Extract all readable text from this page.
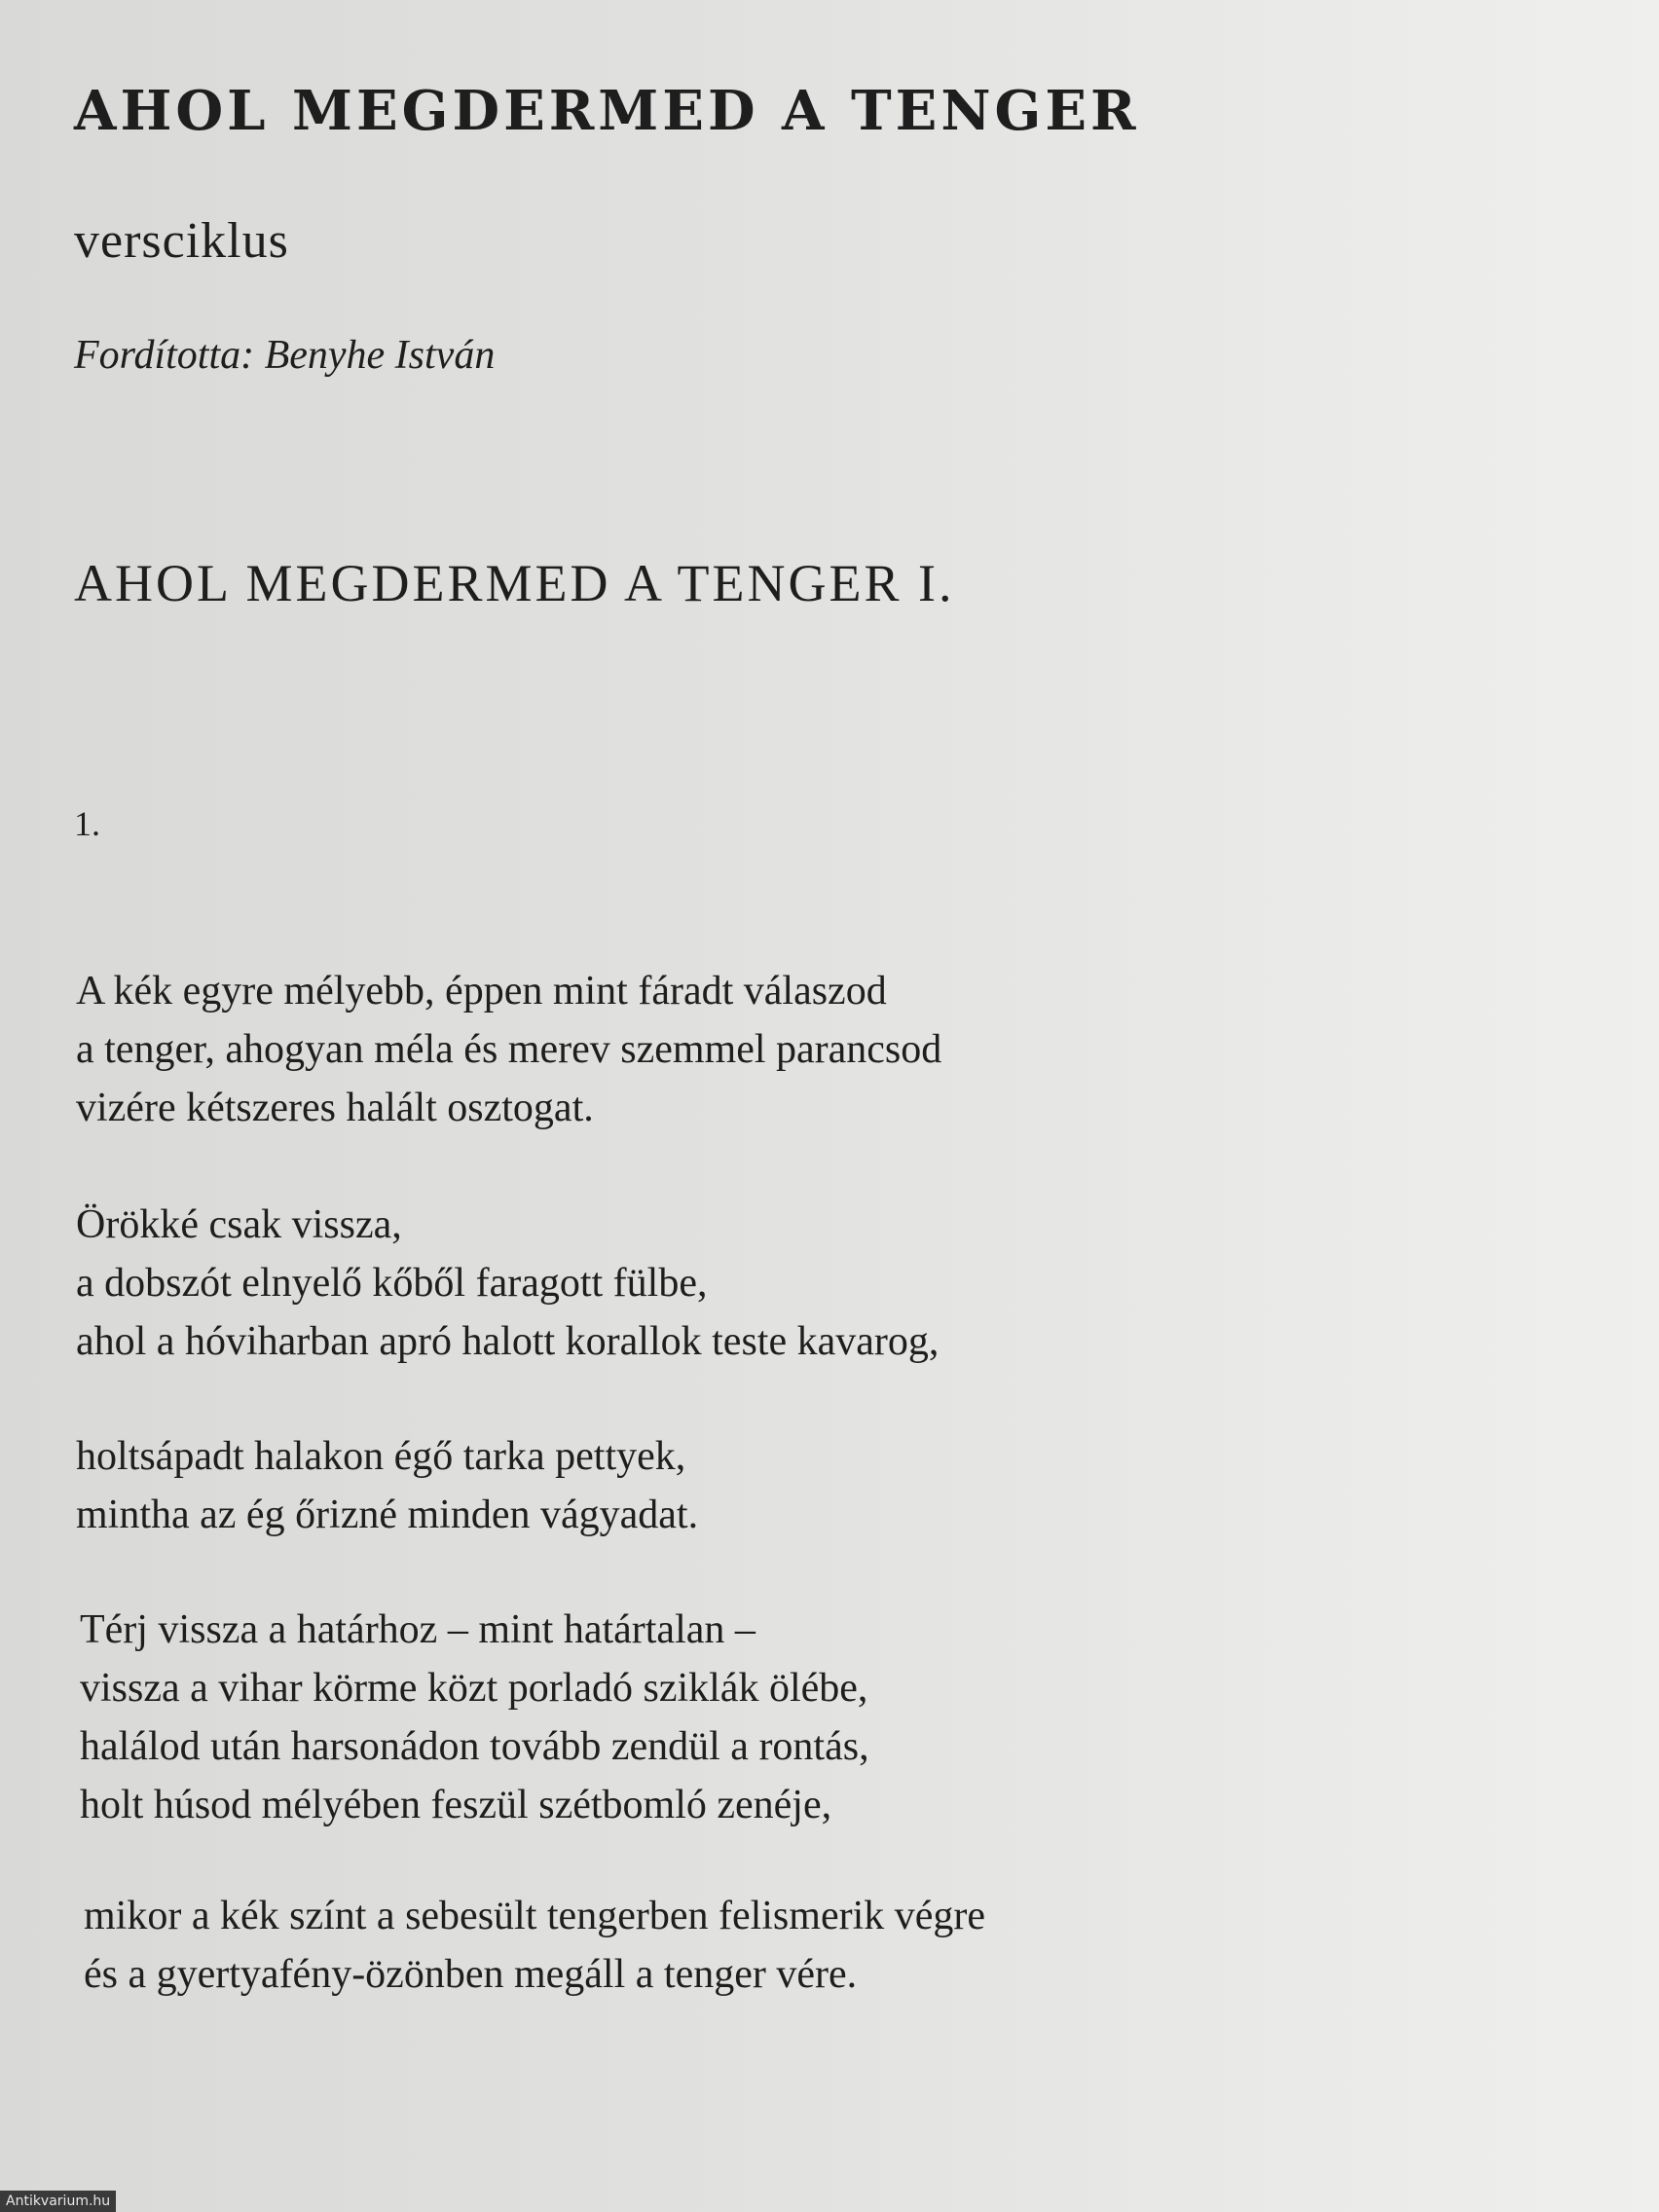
AHOL MEGDERMED A TENGER

versciklus

Fordította: Benyhe István

AHOL MEGDERMED A TENGER I.

1.

A kék egyre mélyebb, éppen mint fáradt válaszod
a tenger, ahogyan méla és merev szemmel parancsod
vizére kétszeres halált osztogat.

Örökké csak vissza,
a dobszót elnyelő kőből faragott fülbe,
ahol a hóviharban apró halott korallok teste kavarog,

holtsápadt halakon égő tarka pettyek,
mintha az ég őrizné minden vágyadat.

Térj vissza a határhoz – mint határtalan –
vissza a vihar körme közt porladó sziklák ölébe,
halálod után harsonádon tovább zendül a rontás,
holt húsod mélyében feszül szétbomló zenéje,

mikor a kék színt a sebesült tengerben felismerik végre
és a gyertyafény-özönben megáll a tenger vére.

Antikvarium.hu
